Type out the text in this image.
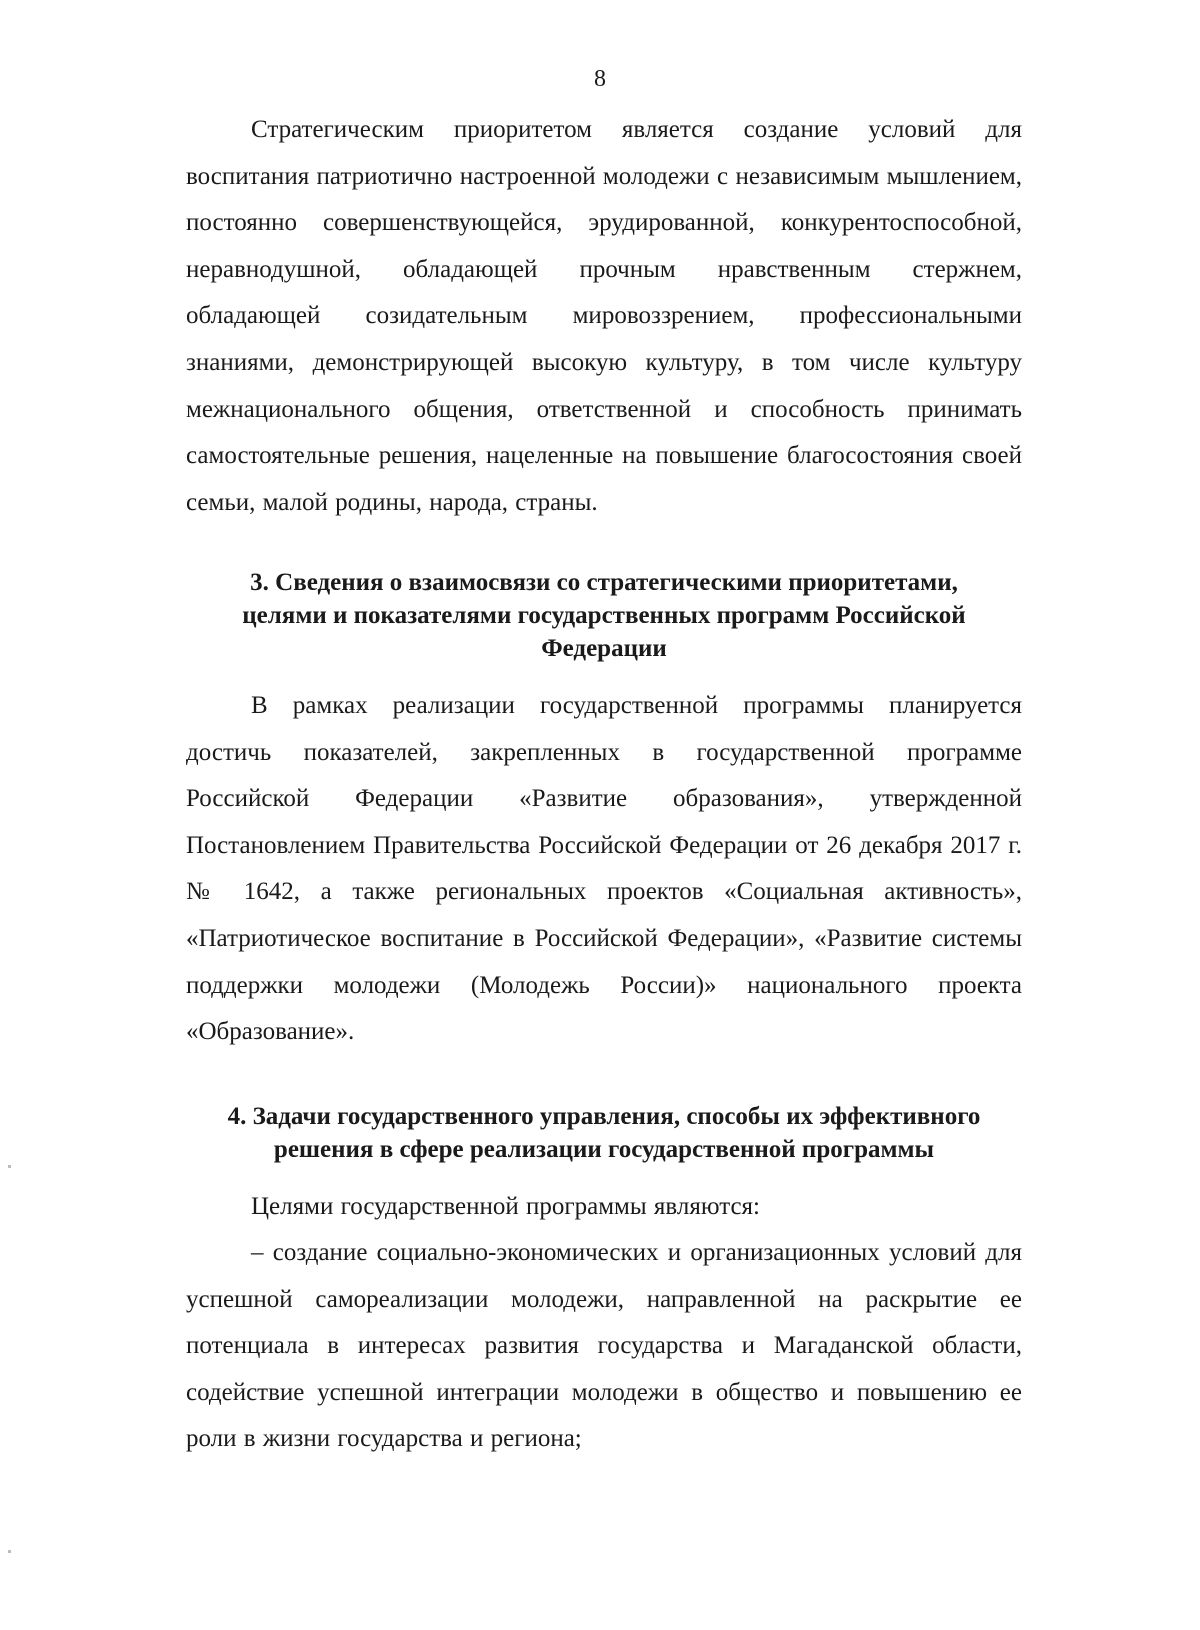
8

Стратегическим приоритетом является создание условий для воспитания патриотично настроенной молодежи с независимым мышлением, постоянно совершенствующейся, эрудированной, конкурентоспособной, неравнодушной, обладающей прочным нравственным стержнем, обладающей созидательным мировоззрением, профессиональными знаниями, демонстрирующей высокую культуру, в том числе культуру межнационального общения, ответственной и способность принимать самостоятельные решения, нацеленные на повышение благосостояния своей семьи, малой родины, народа, страны.

3. Сведения о взаимосвязи со стратегическими приоритетами,
целями и показателями государственных программ Российской
Федерации

В рамках реализации государственной программы планируется достичь показателей, закрепленных в государственной программе Российской Федерации «Развитие образования», утвержденной Постановлением Правительства Российской Федерации от 26 декабря 2017 г. № 1642, а также региональных проектов «Социальная активность», «Патриотическое воспитание в Российской Федерации», «Развитие системы поддержки молодежи (Молодежь России)» национального проекта «Образование».

4. Задачи государственного управления, способы их эффективного
решения в сфере реализации государственной программы

Целями государственной программы являются:

– создание социально-экономических и организационных условий для успешной самореализации молодежи, направленной на раскрытие ее потенциала в интересах развития государства и Магаданской области, содействие успешной интеграции молодежи в общество и повышению ее роли в жизни государства и региона;
